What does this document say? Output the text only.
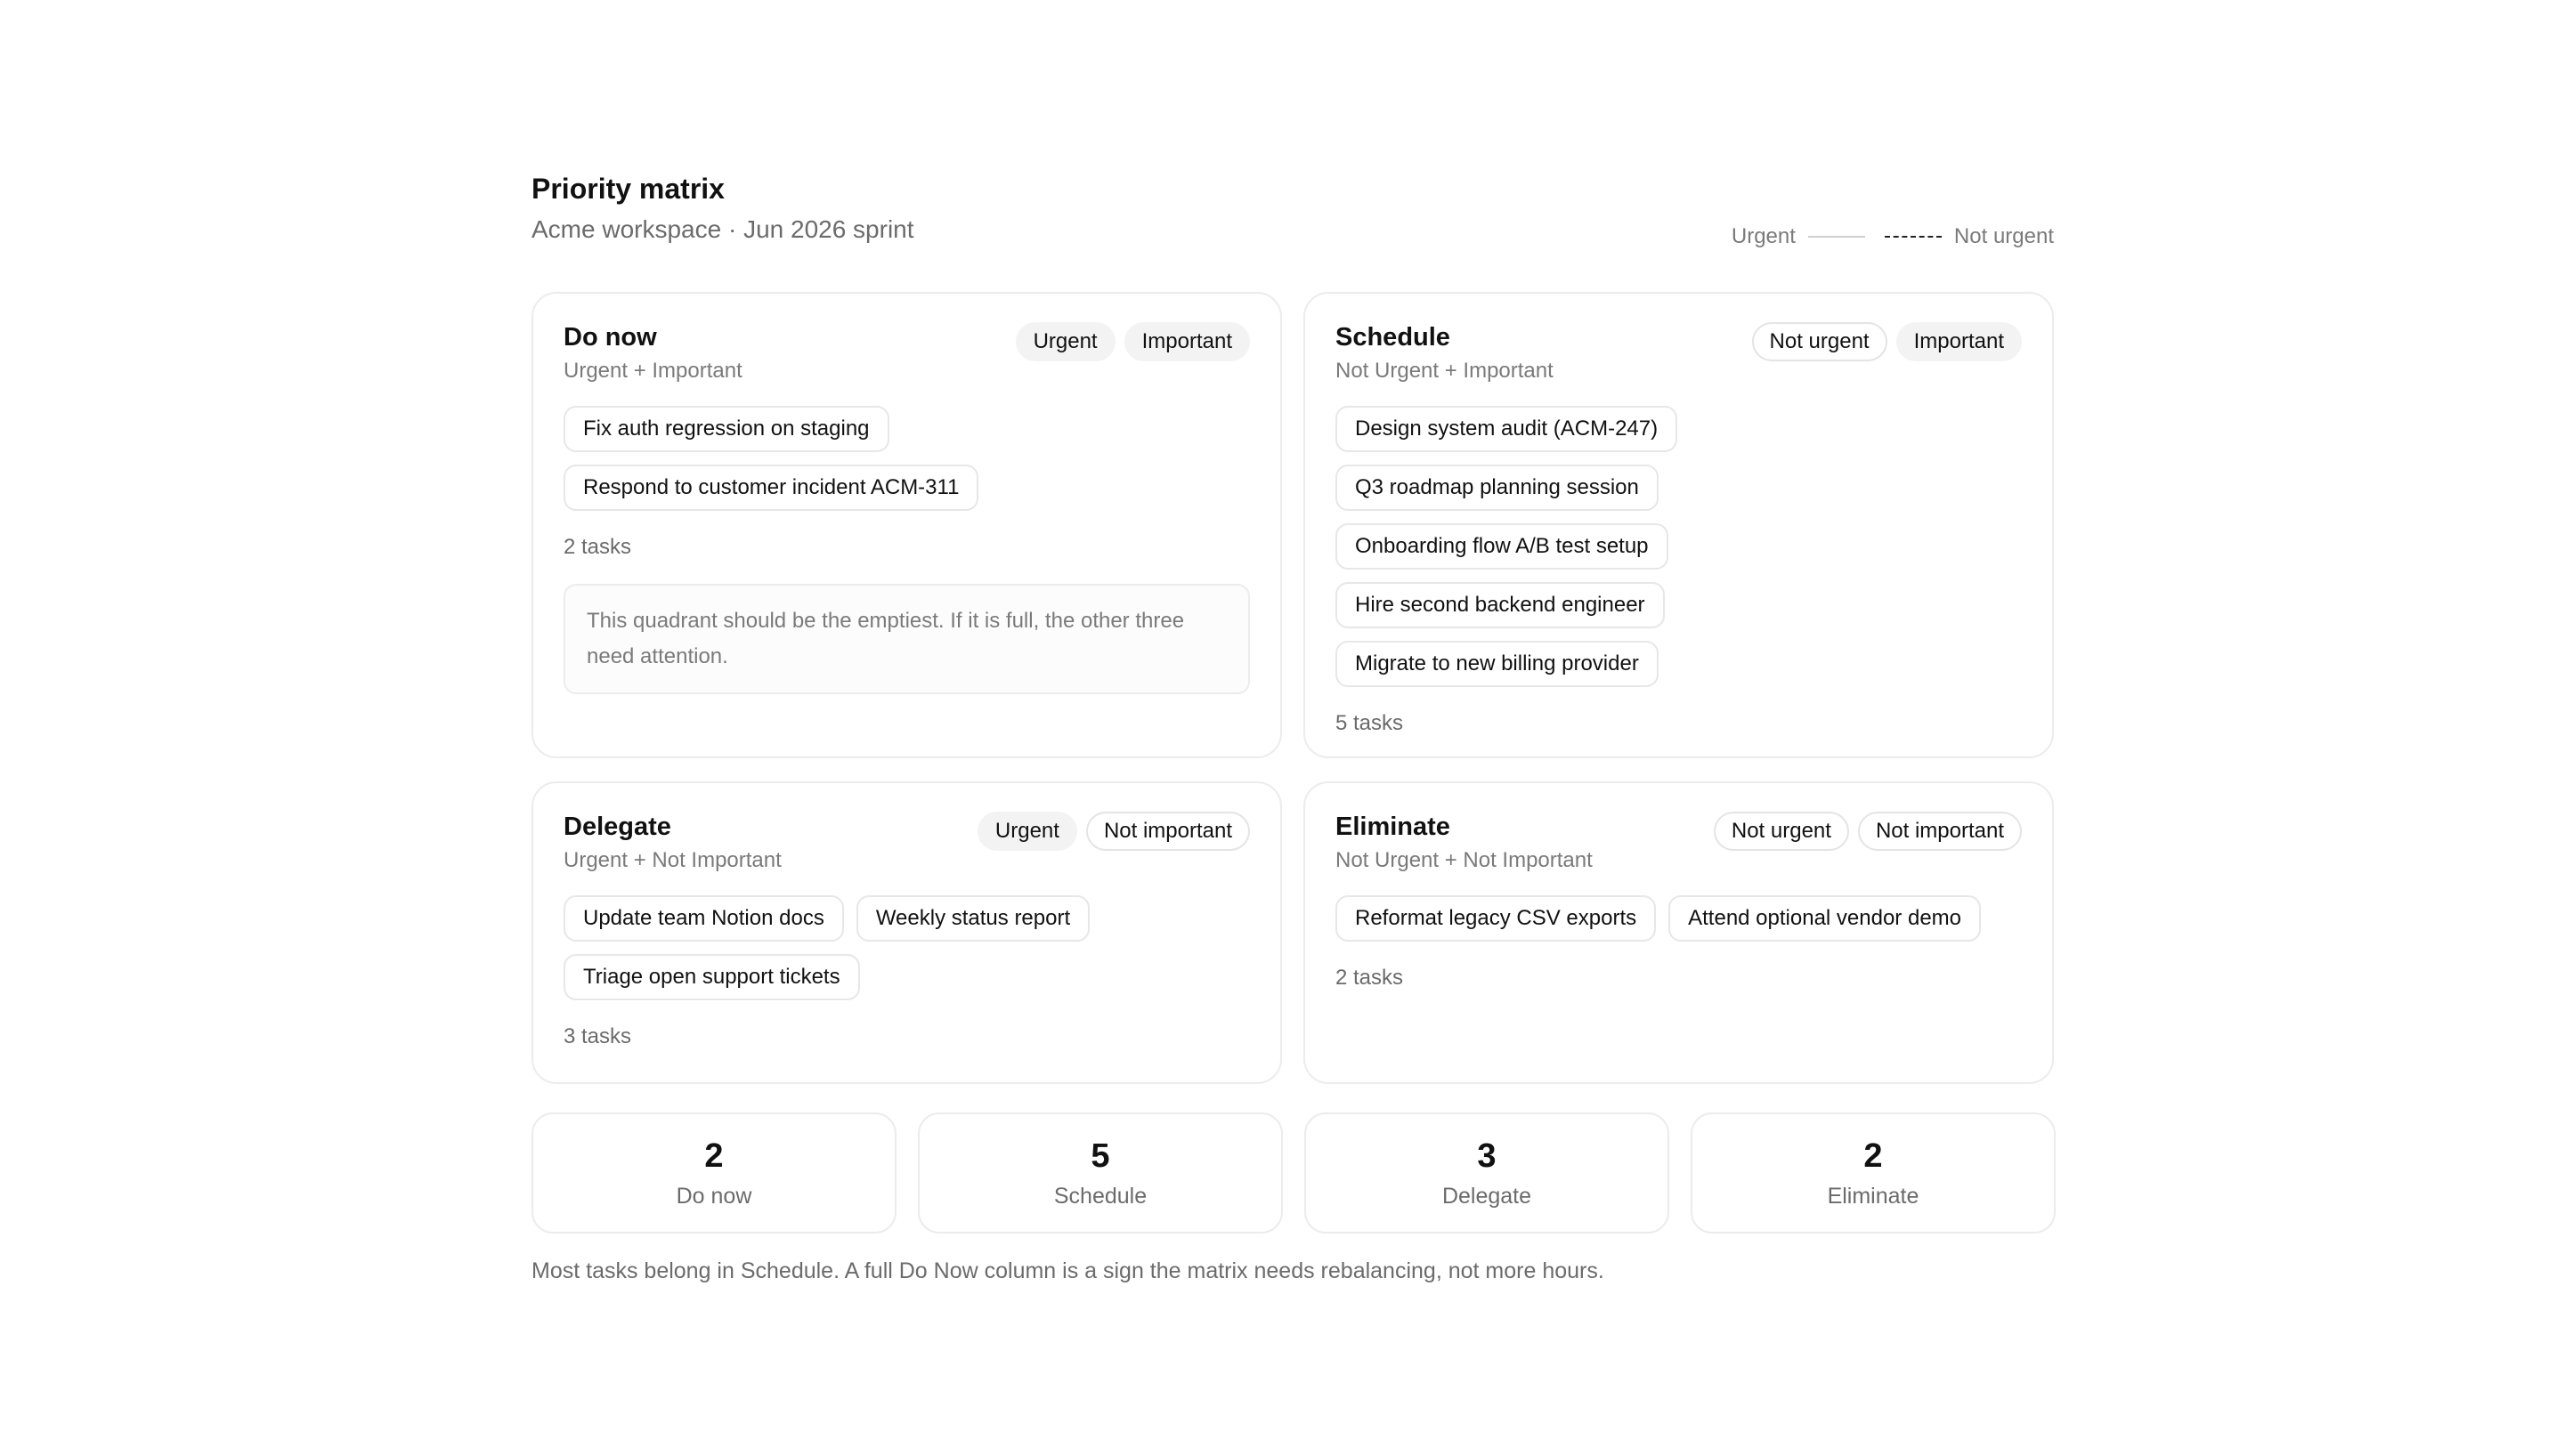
Priority matrix
Acme workspace · Jun 2026 sprint	Urgent	Not urgent
Do now
Urgent + Important
Urgent	Important
Fix auth regression on staging
Respond to customer incident ACM-311
2 tasks
This quadrant should be the emptiest. If it is full, the other three need attention.
Schedule
Not Urgent + Important
Not urgent	Important
Design system audit (ACM-247)
Q3 roadmap planning session
Onboarding flow A/B test setup
Hire second backend engineer
Migrate to new billing provider
5 tasks
Delegate
Urgent + Not Important
Urgent	Not important
Update team Notion docs	Weekly status report
Triage open support tickets
3 tasks
Eliminate
Not Urgent + Not Important
Not urgent	Not important
Reformat legacy CSV exports	Attend optional vendor demo
2 tasks
2
Do now
5
Schedule
3
Delegate
2
Eliminate
Most tasks belong in Schedule. A full Do Now column is a sign the matrix needs rebalancing, not more hours.
